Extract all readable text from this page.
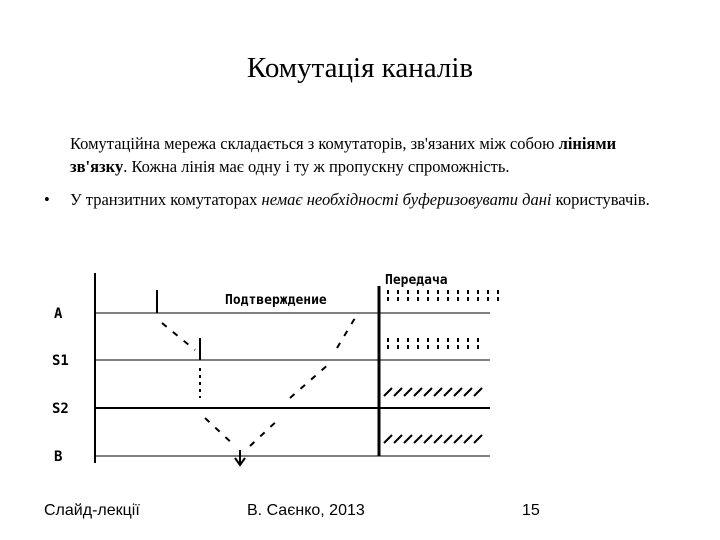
Комутація каналів

Комутаційна мережа складається з комутаторів, зв'язаних між собою лініями зв'язку. Кожна лінія має одну і ту ж пропускну спроможність.

• У транзитних комутаторах немає необхідності буферизовувати дані користувачів.

A
S1
S2
B
Подтверждение
Передача
Слайд-лекції	В. Саєнко, 2013	15
